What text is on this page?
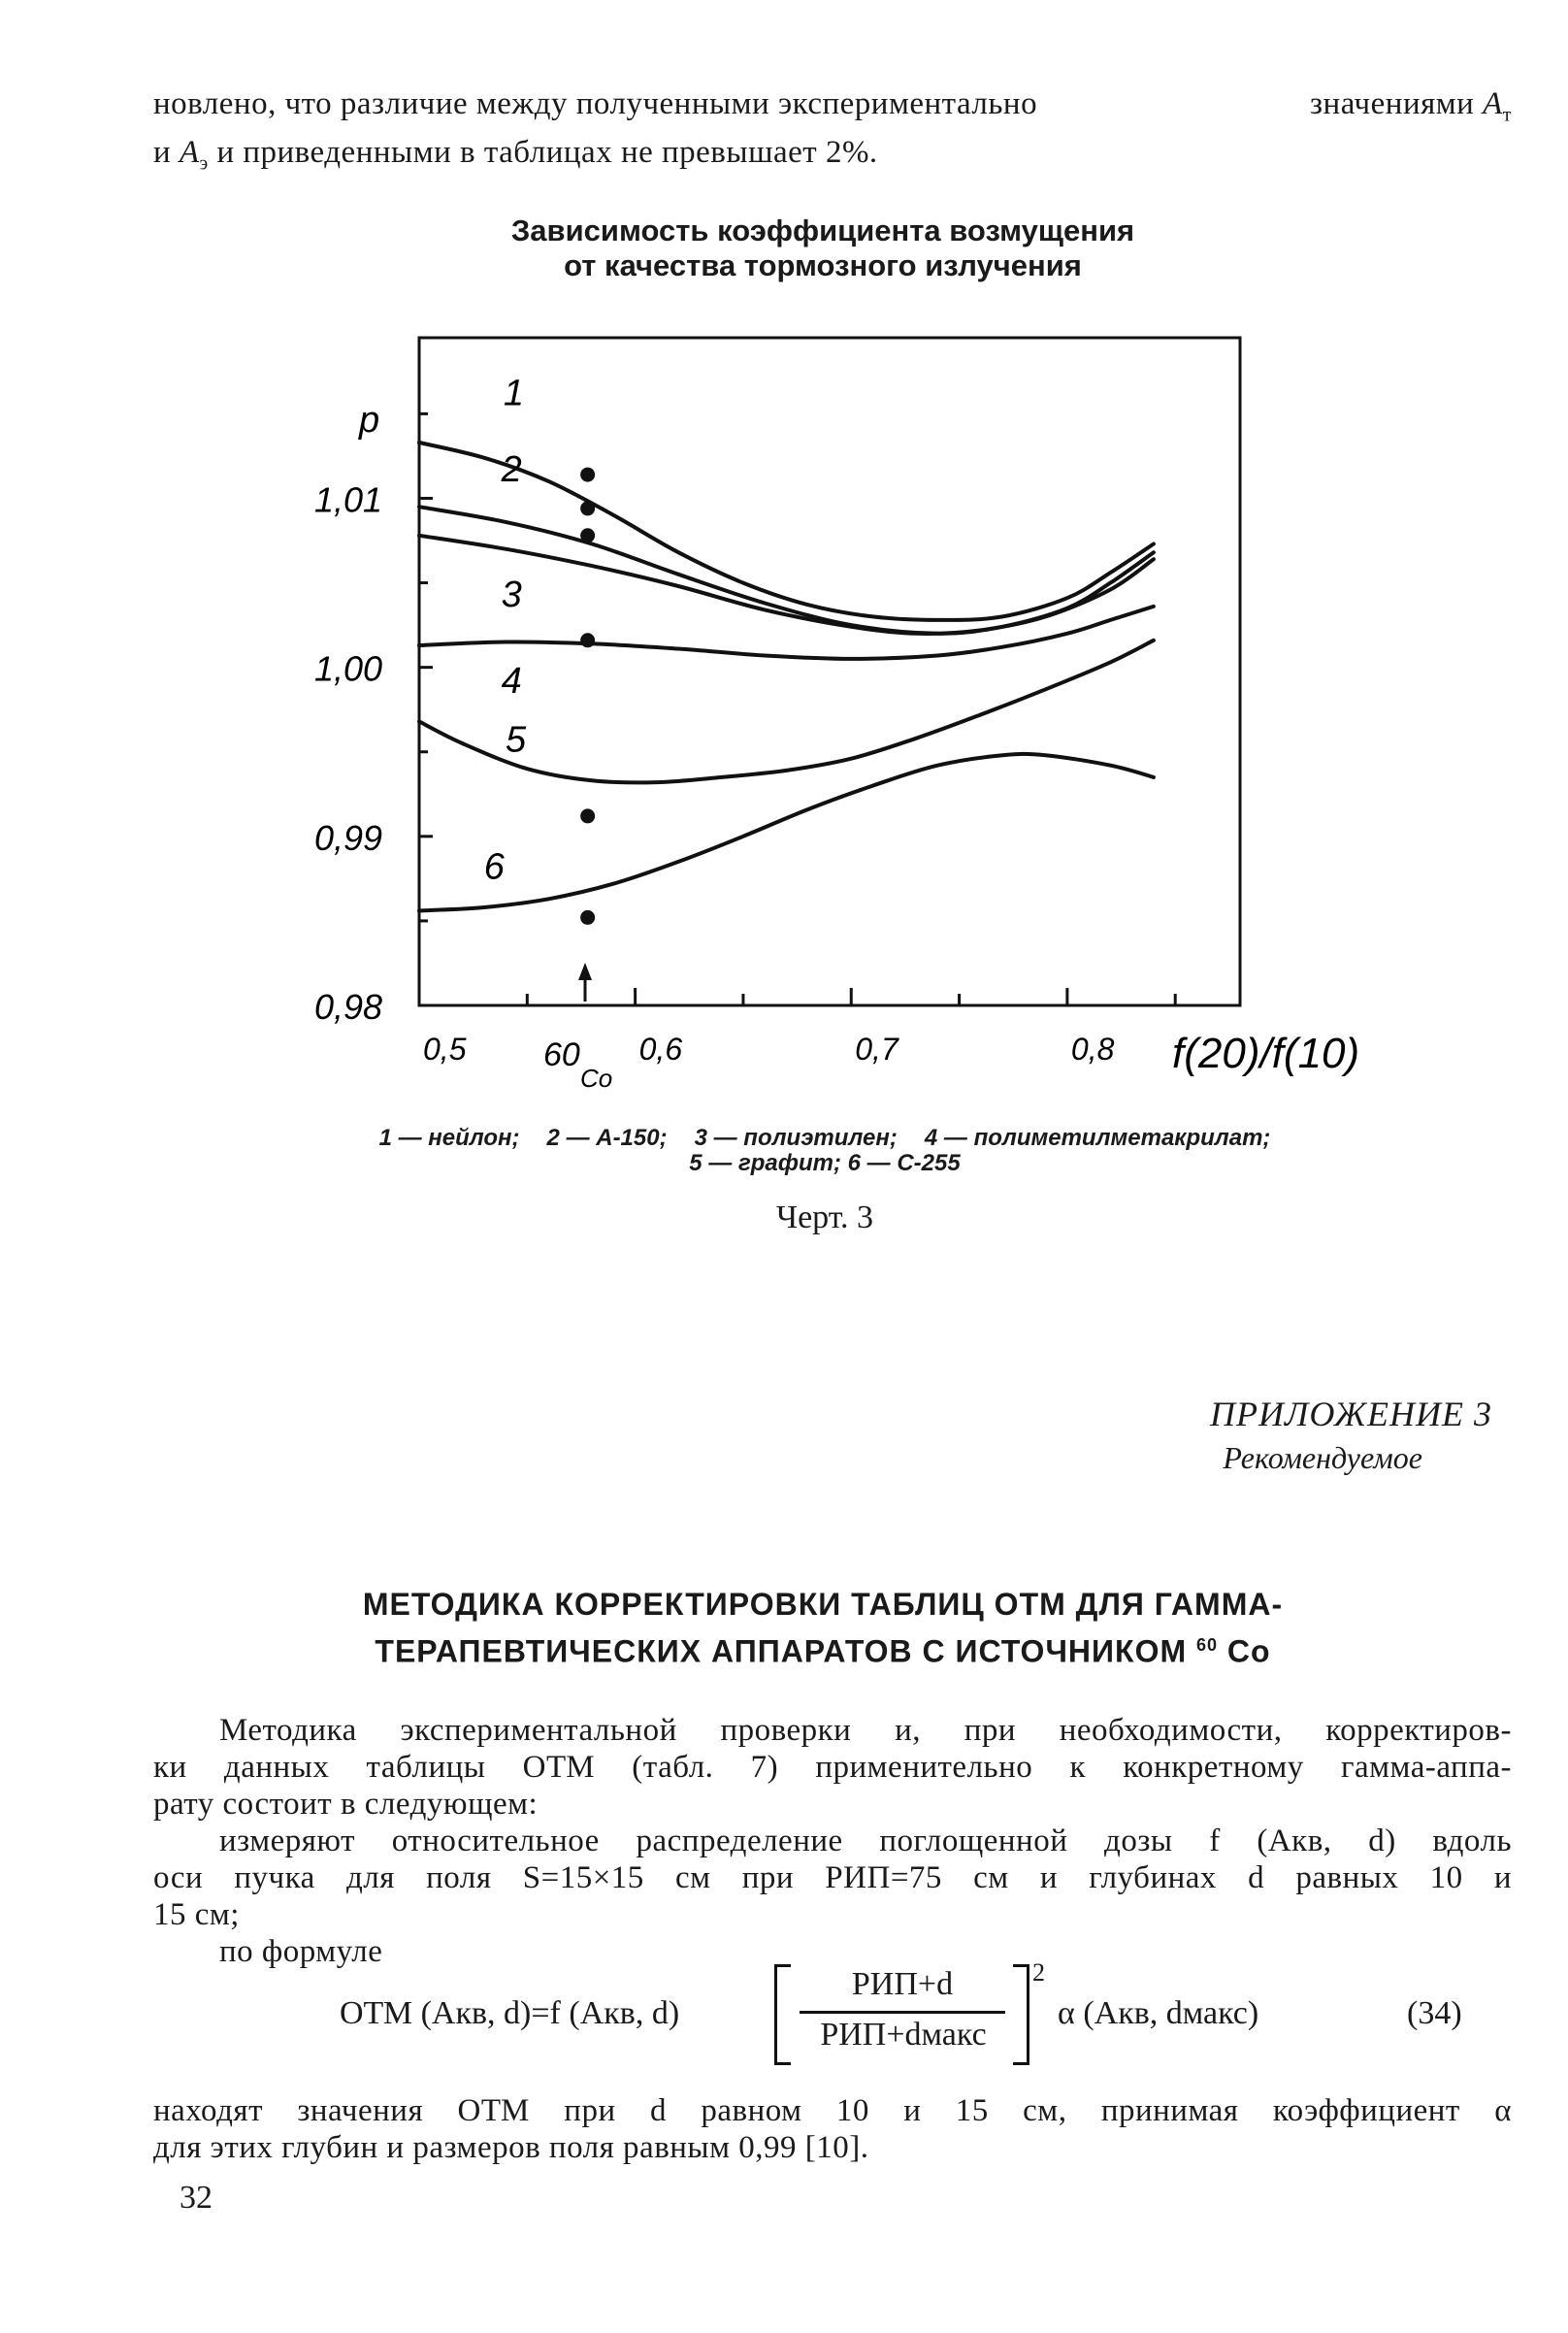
новлено, что различие между полученными экспериментально	значениями $A_т$
и $A_э$ и приведенными в таблицах не превышает 2%.
Зависимость коэффициента возмущения
от качества тормозного излучения
1,01
1,00
0,99
0,98
0,5	0,6	0,7	0,8
1
2
3
4
5
6
60
Co
p
f(20)/f(10)
1 — нейлон; 2 — А-150; 3 — полиэтилен; 4 — полиметилметакрилат;
5 — графит; 6 — С-255
Черт. 3
ПРИЛОЖЕНИЕ 3
Рекомендуемое
МЕТОДИКА КОРРЕКТИРОВКИ ТАБЛИЦ ОТМ ДЛЯ ГАММА-
ТЕРАПЕВТИЧЕСКИХ АППАРАТОВ С ИСТОЧНИКОМ $^{60}$ Co
Методика экспериментальной проверки и, при необходимости, корректиров-
ки данных таблицы ОТМ (табл. 7) применительно к конкретному гамма-аппа-
рату состоит в следующем:
измеряют относительное распределение поглощенной дозы f (Aкв, d) вдоль
оси пучка для поля S=15×15 см при РИП=75 см и глубинах d равных 10 и
15 см;
по формуле
ОТМ (Aкв, d)=f (Aкв, d)
РИП+d
РИП+dмакс
2
α (Aкв, dмакс)	(34)
находят значения ОТМ при d равном 10 и 15 см, принимая коэффициент α
для этих глубин и размеров поля равным 0,99 [10].
32
